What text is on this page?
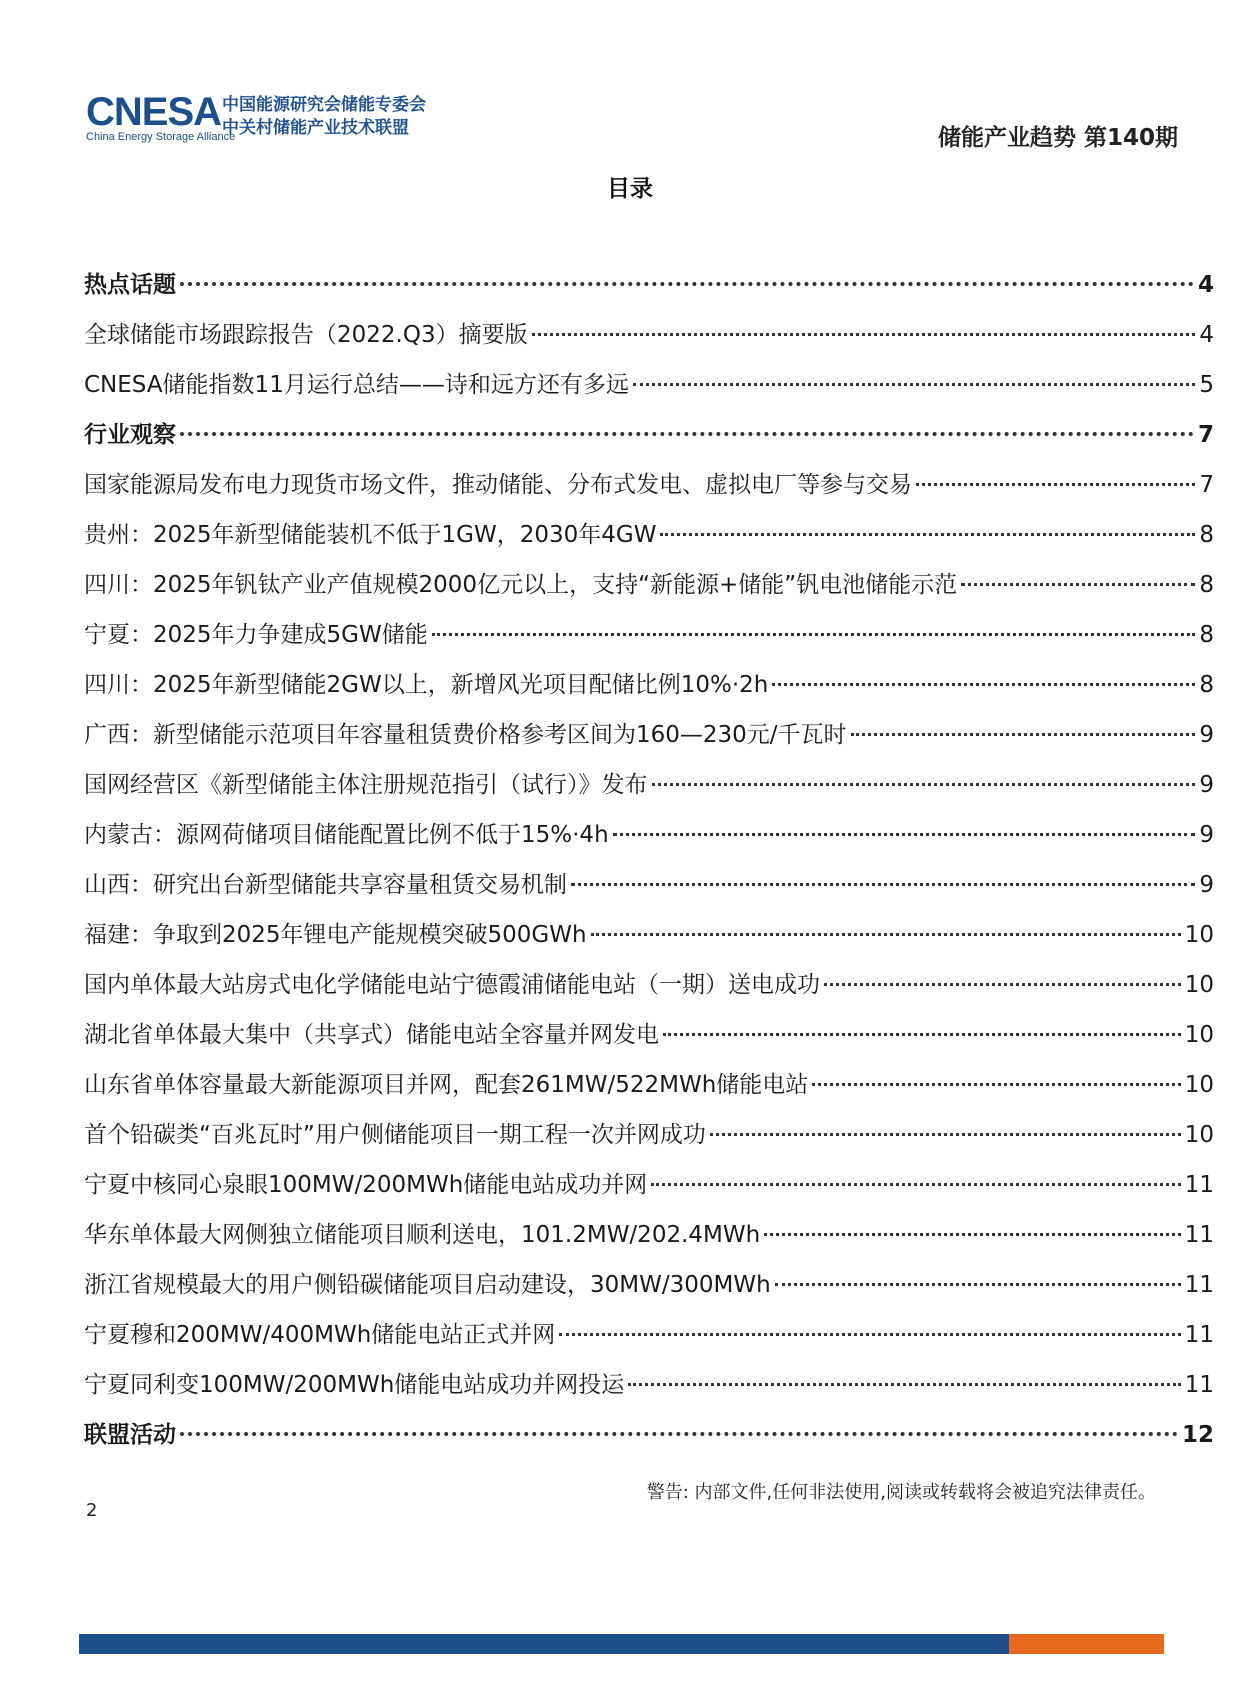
CNESA
China Energy Storage Alliance
中国能源研究会储能专委会
中关村储能产业技术联盟	储能产业趋势 第140期
目录
热点话题	4
全球储能市场跟踪报告（2022.Q3）摘要版	4
CNESA储能指数11月运行总结——诗和远方还有多远	5
行业观察	7
国家能源局发布电力现货市场文件，推动储能、分布式发电、虚拟电厂等参与交易	7
贵州：2025年新型储能装机不低于1GW，2030年4GW	8
四川：2025年钒钛产业产值规模2000亿元以上，支持“新能源+储能”钒电池储能示范	8
宁夏：2025年力争建成5GW储能	8
四川：2025年新型储能2GW以上，新增风光项目配储比例10%·2h	8
广西：新型储能示范项目年容量租赁费价格参考区间为160—230元/千瓦时	9
国网经营区《新型储能主体注册规范指引（试行）》发布	9
内蒙古：源网荷储项目储能配置比例不低于15%·4h	9
山西：研究出台新型储能共享容量租赁交易机制	9
福建：争取到2025年锂电产能规模突破500GWh	10
国内单体最大站房式电化学储能电站宁德霞浦储能电站（一期）送电成功	10
湖北省单体最大集中（共享式）储能电站全容量并网发电	10
山东省单体容量最大新能源项目并网，配套261MW/522MWh储能电站	10
首个铅碳类“百兆瓦时”用户侧储能项目一期工程一次并网成功	10
宁夏中核同心泉眼100MW/200MWh储能电站成功并网	11
华东单体最大网侧独立储能项目顺利送电，101.2MW/202.4MWh	11
浙江省规模最大的用户侧铅碳储能项目启动建设，30MW/300MWh	11
宁夏穆和200MW/400MWh储能电站正式并网	11
宁夏同利变100MW/200MWh储能电站成功并网投运	11
联盟活动	12
警告: 内部文件,任何非法使用,阅读或转载将会被追究法律责任。
2
